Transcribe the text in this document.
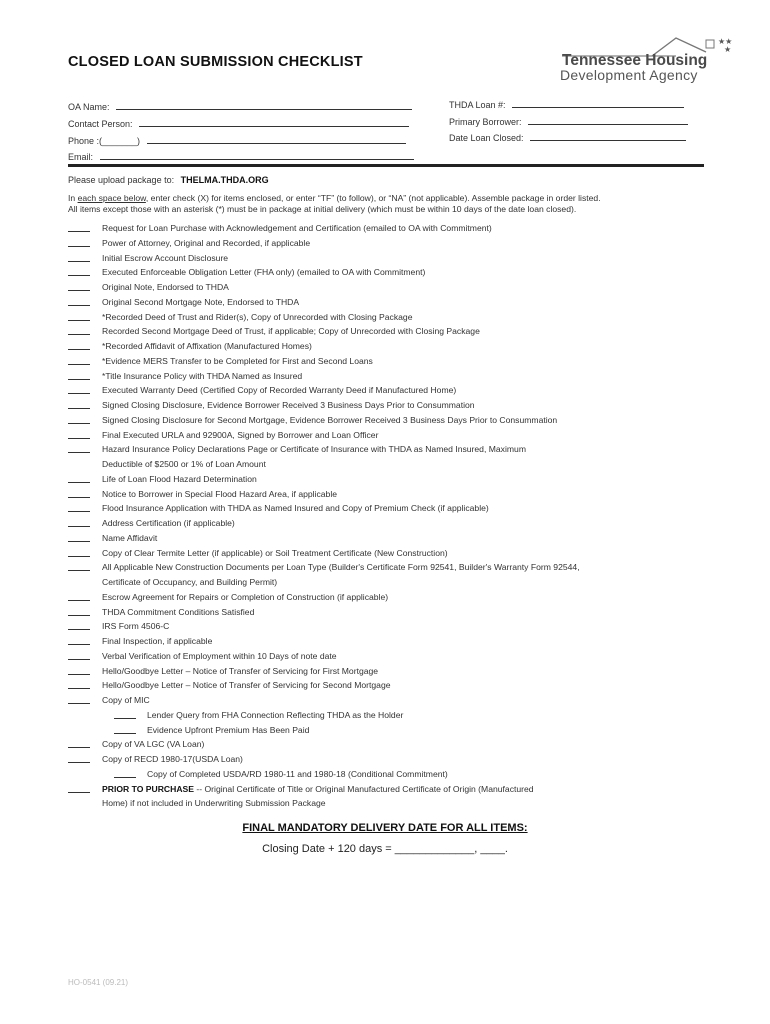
CLOSED LOAN SUBMISSION CHECKLIST
★★
★
Tennessee Housing
Development Agency
OA Name:
Contact Person:
Phone :(_______)
Email:
THDA Loan #:
Primary Borrower:
Date Loan Closed:
Please upload package to: THELMA.THDA.ORG
In each space below, enter check (X) for items enclosed, or enter “TF” (to follow), or “NA” (not applicable). Assemble package in order listed.
All items except those with an asterisk (*) must be in package at initial delivery (which must be within 10 days of the date loan closed).
Request for Loan Purchase with Acknowledgement and Certification (emailed to OA with Commitment)
Power of Attorney, Original and Recorded, if applicable
Initial Escrow Account Disclosure
Executed Enforceable Obligation Letter (FHA only) (emailed to OA with Commitment)
Original Note, Endorsed to THDA
Original Second Mortgage Note, Endorsed to THDA
*Recorded Deed of Trust and Rider(s), Copy of Unrecorded with Closing Package
Recorded Second Mortgage Deed of Trust, if applicable; Copy of Unrecorded with Closing Package
*Recorded Affidavit of Affixation (Manufactured Homes)
*Evidence MERS Transfer to be Completed for First and Second Loans
*Title Insurance Policy with THDA Named as Insured
Executed Warranty Deed (Certified Copy of Recorded Warranty Deed if Manufactured Home)
Signed Closing Disclosure, Evidence Borrower Received 3 Business Days Prior to Consummation
Signed Closing Disclosure for Second Mortgage, Evidence Borrower Received 3 Business Days Prior to Consummation
Final Executed URLA and 92900A, Signed by Borrower and Loan Officer
Hazard Insurance Policy Declarations Page or Certificate of Insurance with THDA as Named Insured, Maximum
Deductible of $2500 or 1% of Loan Amount
Life of Loan Flood Hazard Determination
Notice to Borrower in Special Flood Hazard Area, if applicable
Flood Insurance Application with THDA as Named Insured and Copy of Premium Check (if applicable)
Address Certification (if applicable)
Name Affidavit
Copy of Clear Termite Letter (if applicable) or Soil Treatment Certificate (New Construction)
All Applicable New Construction Documents per Loan Type (Builder's Certificate Form 92541, Builder's Warranty Form 92544,
Certificate of Occupancy, and Building Permit)
Escrow Agreement for Repairs or Completion of Construction (if applicable)
THDA Commitment Conditions Satisfied
IRS Form 4506-C
Final Inspection, if applicable
Verbal Verification of Employment within 10 Days of note date
Hello/Goodbye Letter – Notice of Transfer of Servicing for First Mortgage
Hello/Goodbye Letter – Notice of Transfer of Servicing for Second Mortgage
Copy of MIC
Lender Query from FHA Connection Reflecting THDA as the Holder
Evidence Upfront Premium Has Been Paid
Copy of VA LGC (VA Loan)
Copy of RECD 1980-17(USDA Loan)
Copy of Completed USDA/RD 1980-11 and 1980-18 (Conditional Commitment)
PRIOR TO PURCHASE -- Original Certificate of Title or Original Manufactured Certificate of Origin (Manufactured
Home) if not included in Underwriting Submission Package
FINAL MANDATORY DELIVERY DATE FOR ALL ITEMS:
Closing Date + 120 days = _____________, ____.
HO-0541 (09.21)
